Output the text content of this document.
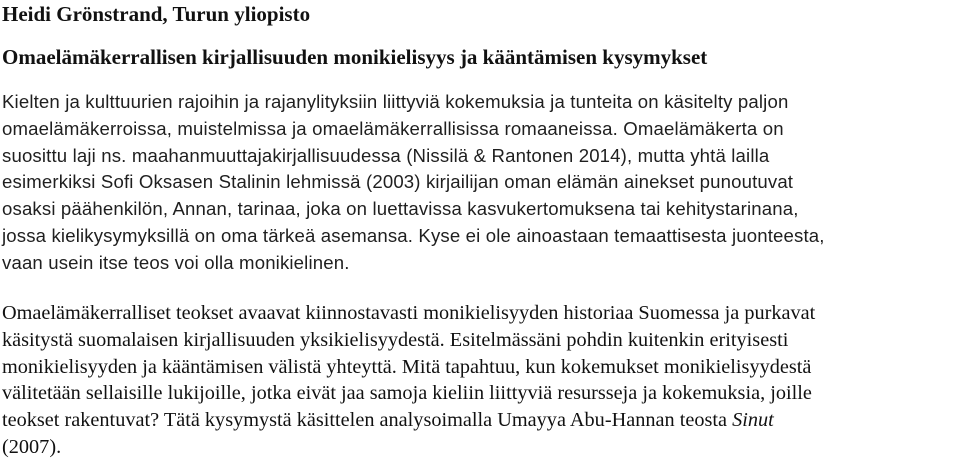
Heidi Grönstrand, Turun yliopisto
Omaelämäkerrallisen kirjallisuuden monikielisyys ja kääntämisen kysymykset
Kielten ja kulttuurien rajoihin ja rajanylityksiin liittyviä kokemuksia ja tunteita on käsitelty paljon
omaelämäkerroissa, muistelmissa ja omaelämäkerrallisissa romaaneissa. Omaelämäkerta on
suosittu laji ns. maahanmuuttajakirjallisuudessa (Nissilä & Rantonen 2014), mutta yhtä lailla
esimerkiksi Sofi Oksasen Stalinin lehmissä (2003) kirjailijan oman elämän ainekset punoutuvat
osaksi päähenkilön, Annan, tarinaa, joka on luettavissa kasvukertomuksena tai kehitystarinana,
jossa kielikysymyksillä on oma tärkeä asemansa. Kyse ei ole ainoastaan temaattisesta juonteesta,
vaan usein itse teos voi olla monikielinen.
Omaelämäkerralliset teokset avaavat kiinnostavasti monikielisyyden historiaa Suomessa ja purkavat
käsitystä suomalaisen kirjallisuuden yksikielisyydestä. Esitelmässäni pohdin kuitenkin erityisesti
monikielisyyden ja kääntämisen välistä yhteyttä. Mitä tapahtuu, kun kokemukset monikielisyydestä
välitetään sellaisille lukijoille, jotka eivät jaa samoja kieliin liittyviä resursseja ja kokemuksia, joille
teokset rakentuvat? Tätä kysymystä käsittelen analysoimalla Umayya Abu-Hannan teosta Sinut
(2007).
